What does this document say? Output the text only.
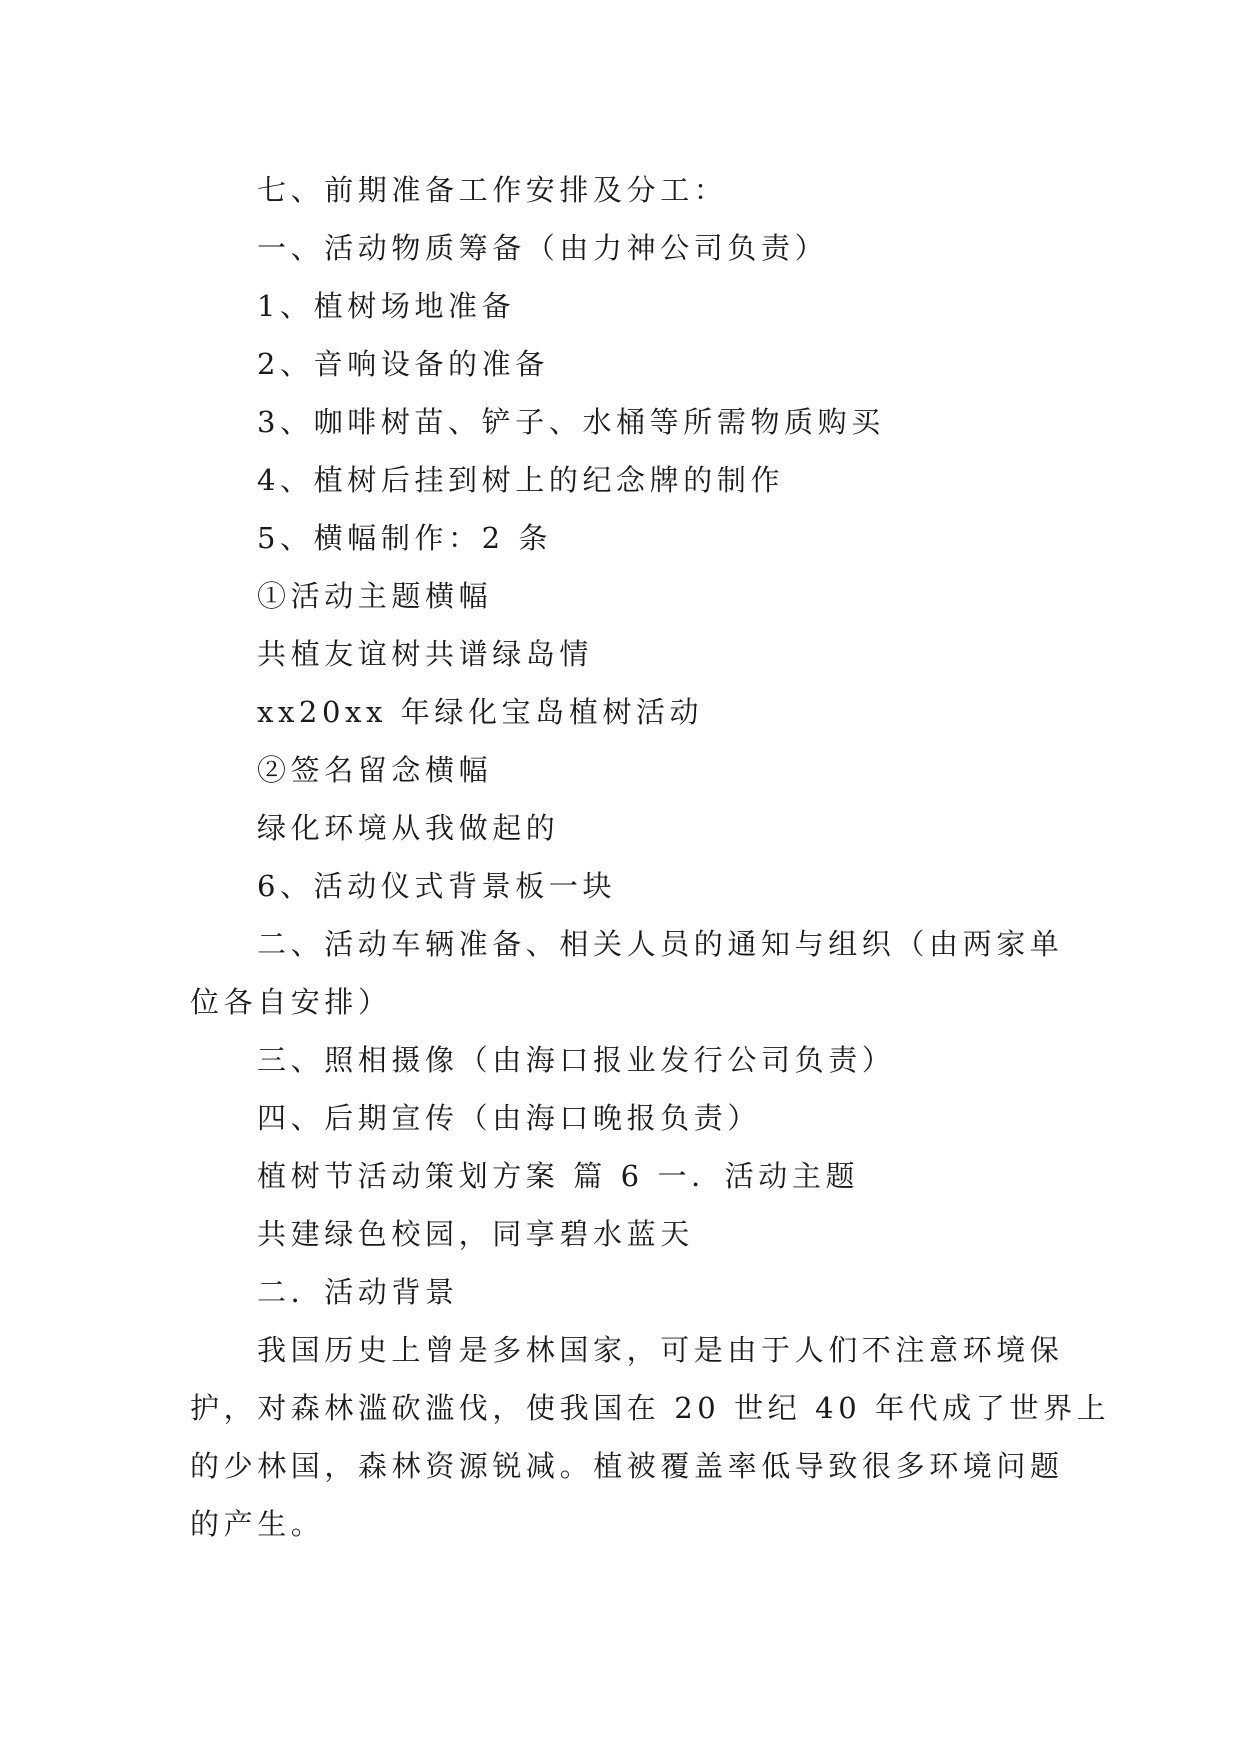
七、前期准备工作安排及分工：
一、活动物质筹备（由力神公司负责）
1、植树场地准备
2、音响设备的准备
3、咖啡树苗、铲子、水桶等所需物质购买
4、植树后挂到树上的纪念牌的制作
5、横幅制作：2 条
①活动主题横幅
共植友谊树共谱绿岛情
xx20xx 年绿化宝岛植树活动
②签名留念横幅
绿化环境从我做起的
6、活动仪式背景板一块
二、活动车辆准备、相关人员的通知与组织（由两家单
位各自安排）
三、照相摄像（由海口报业发行公司负责）
四、后期宣传（由海口晚报负责）
植树节活动策划方案 篇 6 一．活动主题
共建绿色校园，同享碧水蓝天
二．活动背景
我国历史上曾是多林国家，可是由于人们不注意环境保
护，对森林滥砍滥伐，使我国在 20 世纪 40 年代成了世界上
的少林国，森林资源锐减。植被覆盖率低导致很多环境问题
的产生。
